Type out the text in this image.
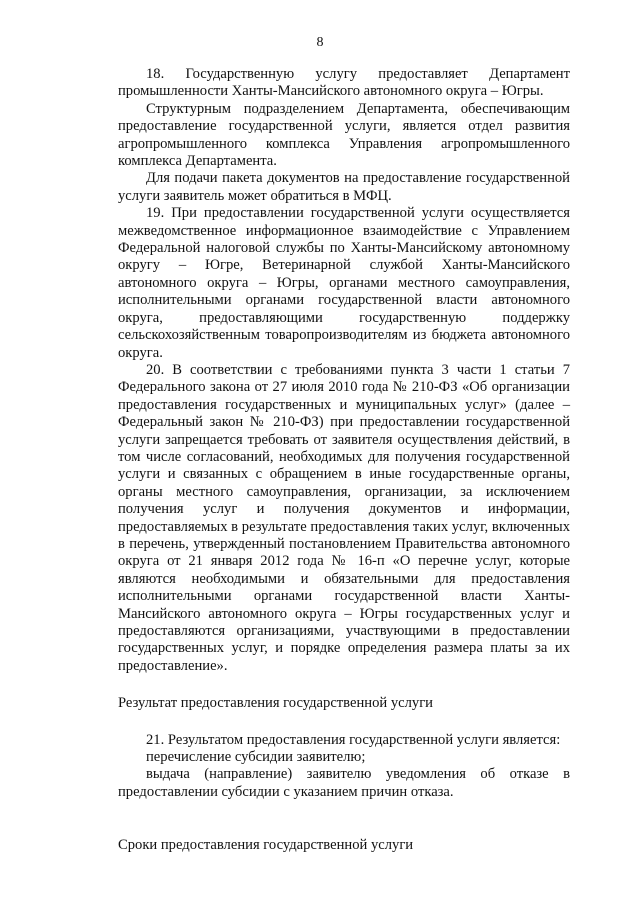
8

18. Государственную услугу предоставляет Департамент промышленности Ханты-Мансийского автономного округа – Югры.

Структурным подразделением Департамента, обеспечивающим предоставление государственной услуги, является отдел развития агропромышленного комплекса Управления агропромышленного комплекса Департамента.

Для подачи пакета документов на предоставление государственной услуги заявитель может обратиться в МФЦ.

19. При предоставлении государственной услуги осуществляется межведомственное информационное взаимодействие с Управлением Федеральной налоговой службы по Ханты-Мансийскому автономному округу – Югре, Ветеринарной службой Ханты-Мансийского автономного округа – Югры, органами местного самоуправления, исполнительными органами государственной власти автономного округа, предоставляющими государственную поддержку сельскохозяйственным товаропроизводителям из бюджета автономного округа.

20. В соответствии с требованиями пункта 3 части 1 статьи 7 Федерального закона от 27 июля 2010 года № 210-ФЗ «Об организации предоставления государственных и муниципальных услуг» (далее – Федеральный закон № 210-ФЗ) при предоставлении государственной услуги запрещается требовать от заявителя осуществления действий, в том числе согласований, необходимых для получения государственной услуги и связанных с обращением в иные государственные органы, органы местного самоуправления, организации, за исключением получения услуг и получения документов и информации, предоставляемых в результате предоставления таких услуг, включенных в перечень, утвержденный постановлением Правительства автономного округа от 21 января 2012 года № 16-п «О перечне услуг, которые являются необходимыми и обязательными для предоставления исполнительными органами государственной власти Ханты-Мансийского автономного округа – Югры государственных услуг и предоставляются организациями, участвующими в предоставлении государственных услуг, и порядке определения размера платы за их предоставление».

Результат предоставления государственной услуги

21. Результатом предоставления государственной услуги является:

перечисление субсидии заявителю;

выдача (направление) заявителю уведомления об отказе в предоставлении субсидии с указанием причин отказа.

Сроки предоставления государственной услуги
